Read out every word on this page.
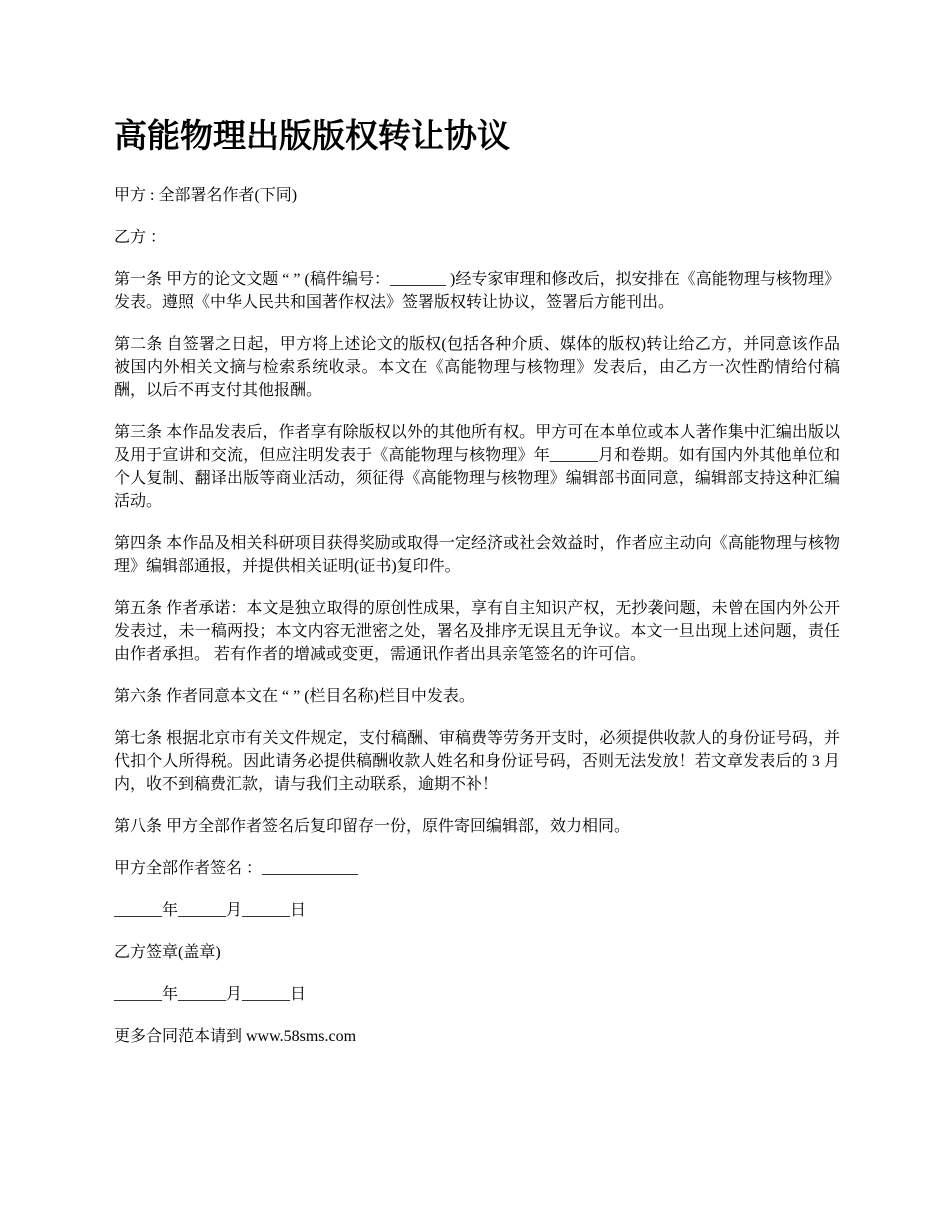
高能物理出版版权转让协议

甲方 : 全部署名作者(下同)

乙方 ：

第一条 甲方的论文文题 “ ” (稿件编号：_______ )经专家审理和修改后，拟安排在《高能物理与核物理》发表。遵照《中华人民共和国著作权法》签署版权转让协议，签署后方能刊出。

第二条 自签署之日起，甲方将上述论文的版权(包括各种介质、媒体的版权)转让给乙方，并同意该作品被国内外相关文摘与检索系统收录。本文在《高能物理与核物理》发表后，由乙方一次性酌情给付稿酬，以后不再支付其他报酬。

第三条 本作品发表后，作者享有除版权以外的其他所有权。甲方可在本单位或本人著作集中汇编出版以及用于宣讲和交流，但应注明发表于《高能物理与核物理》年______月和卷期。如有国内外其他单位和个人复制、翻译出版等商业活动，须征得《高能物理与核物理》编辑部书面同意，编辑部支持这种汇编活动。

第四条 本作品及相关科研项目获得奖励或取得一定经济或社会效益时，作者应主动向《高能物理与核物理》编辑部通报，并提供相关证明(证书)复印件。

第五条 作者承诺：本文是独立取得的原创性成果，享有自主知识产权，无抄袭问题，未曾在国内外公开发表过，未一稿两投；本文内容无泄密之处，署名及排序无误且无争议。本文一旦出现上述问题，责任由作者承担。 若有作者的增减或变更，需通讯作者出具亲笔签名的许可信。

第六条 作者同意本文在 “ ” (栏目名称)栏目中发表。

第七条 根据北京市有关文件规定，支付稿酬、审稿费等劳务开支时，必须提供收款人的身份证号码，并代扣个人所得税。因此请务必提供稿酬收款人姓名和身份证号码，否则无法发放！若文章发表后的 3 月内，收不到稿费汇款，请与我们主动联系，逾期不补！

第八条 甲方全部作者签名后复印留存一份，原件寄回编辑部，效力相同。

甲方全部作者签名 ：____________

______年______月______日

乙方签章(盖章)

______年______月______日

更多合同范本请到 www.58sms.com
